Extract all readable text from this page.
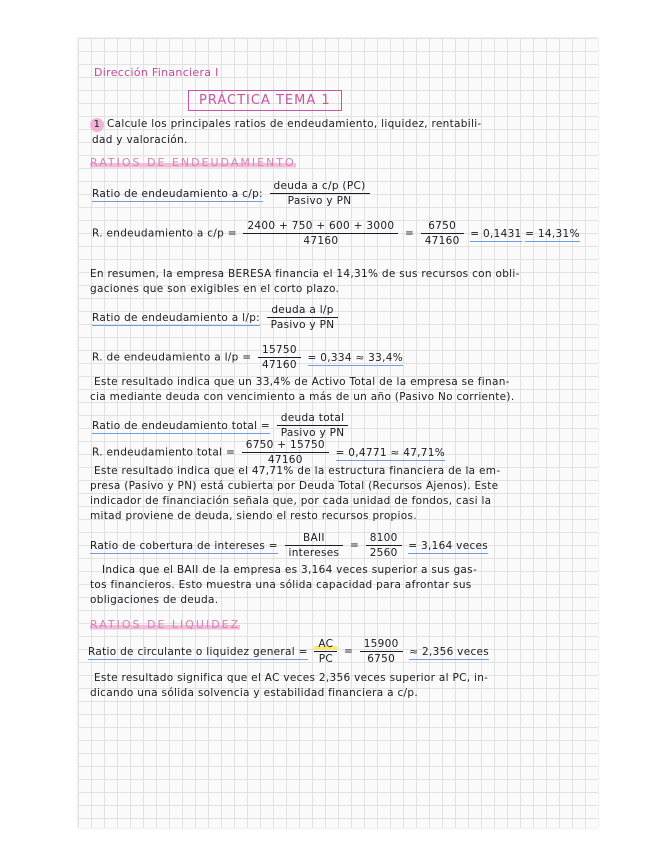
Dirección Financiera I
PRÁCTICA TEMA 1
1 Calcule los principales ratios de endeudamiento, liquidez, rentabili-
dad y valoración.
RATIOS DE ENDEUDAMIENTO
Ratio de endeudamiento a c/p: $\frac{\text{deuda a c/p (PC)}}{\text{Pasivo y PN}}$
R. endeudamiento a $c/p = \frac{2400 + 750 + 600 + 3000}{47160} = \frac{6750}{47160} = 0,1431 = 14,31\%$
En resumen, la empresa BERESA financia el 14,31% de sus recursos con obli-
gaciones que son exigibles en el corto plazo.
Ratio de endeudamiento a l/p: $\frac{\text{deuda a l/p}}{\text{Pasivo y PN}}$
R. de endeudamiento a $l/p = \frac{15750}{47160} = 0,334 \approx 33,4\%$
Este resultado indica que un 33,4% de Activo Total de la empresa se finan-
cia mediante deuda con vencimiento a más de un año (Pasivo No corriente).
Ratio de endeudamiento total = $\frac{\text{deuda total}}{\text{Pasivo y PN}}$
R. endeudamiento total = $\frac{6750 + 15750}{47160} = 0,4771 \approx 47,71\%$
Este resultado indica que el 47,71% de la estructura financiera de la em-
presa (Pasivo y PN) está cubierta por Deuda Total (Recursos Ajenos). Este
indicador de financiación señala que, por cada unidad de fondos, casi la
mitad proviene de deuda, siendo el resto recursos propios.
Ratio de cobertura de intereses = $\frac{\text{BAII}}{\text{intereses}} = \frac{8100}{2560} = 3,164$ veces
Indica que el BAII de la empresa es 3,164 veces superior a sus gas-
tos financieros. Esto muestra una sólida capacidad para afrontar sus
obligaciones de deuda.
RATIOS DE LIQUIDEZ
Ratio de circulante o liquidez general = $\frac{AC}{PC} = \frac{15900}{6750} \approx 2,356$ veces
Este resultado significa que el AC veces 2,356 veces superior al PC, in-
dicando una sólida solvencia y estabilidad financiera a c/p.
